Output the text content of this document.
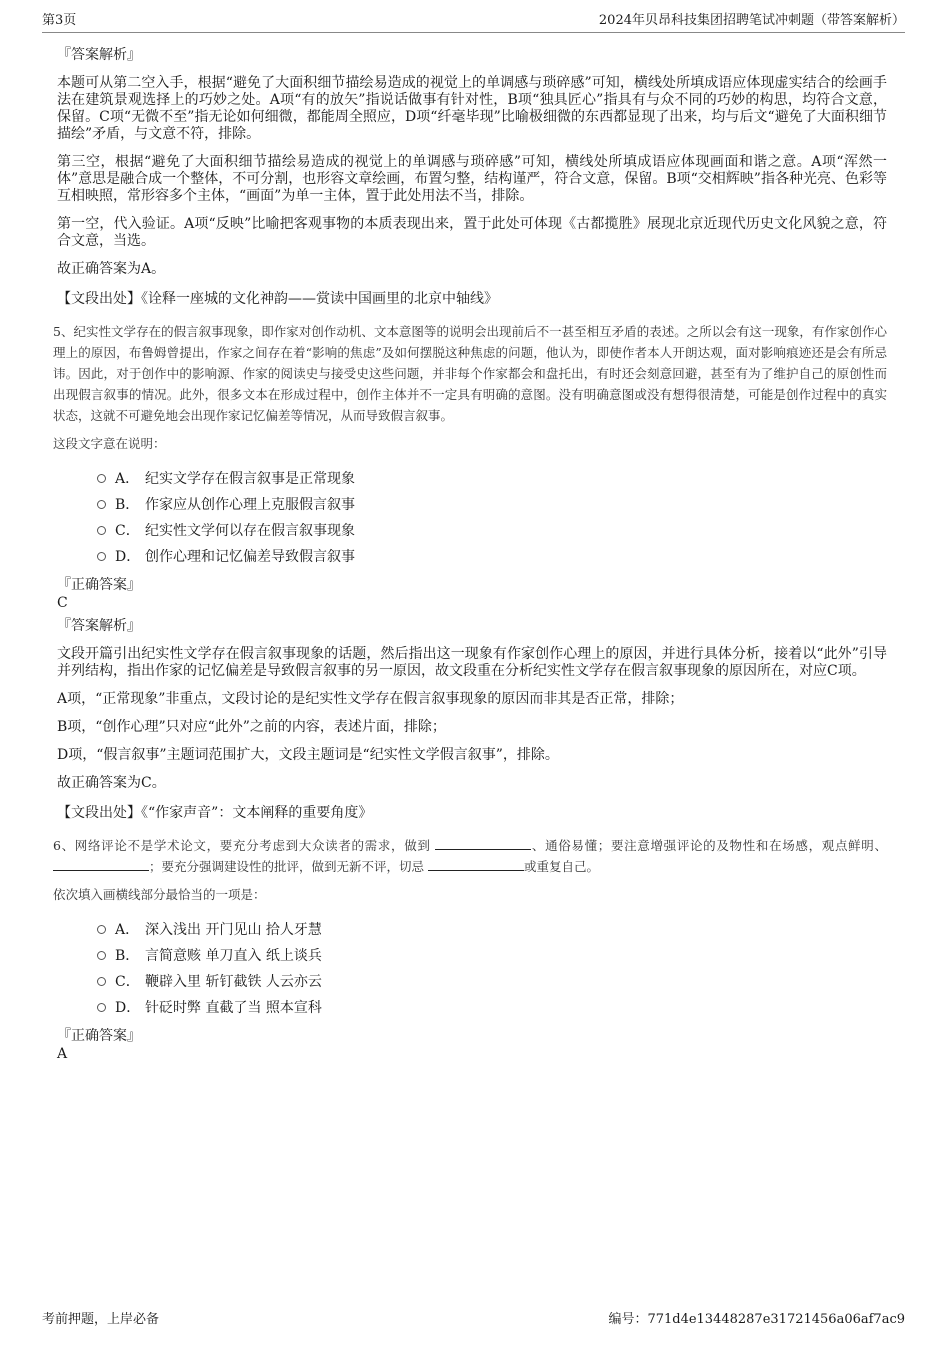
第3页	2024年贝昂科技集团招聘笔试冲刺题（带答案解析）
『答案解析』

本题可从第二空入手，根据“避免了大面积细节描绘易造成的视觉上的单调感与琐碎感”可知，横线处所填成语应体现虚实结合的绘画手法在建筑景观选择上的巧妙之处。A项“有的放矢”指说话做事有针对性，B项“独具匠心”指具有与众不同的巧妙的构思，均符合文意，保留。C项“无微不至”指无论如何细微，都能周全照应，D项“纤毫毕现”比喻极细微的东西都显现了出来，均与后文“避免了大面积细节描绘”矛盾，与文意不符，排除。

第三空，根据“避免了大面积细节描绘易造成的视觉上的单调感与琐碎感”可知，横线处所填成语应体现画面和谐之意。A项“浑然一体”意思是融合成一个整体，不可分割，也形容文章绘画，布置匀整，结构谨严，符合文意，保留。B项“交相辉映”指各种光亮、色彩等互相映照，常形容多个主体，“画面”为单一主体，置于此处用法不当，排除。

第一空，代入验证。A项“反映”比喻把客观事物的本质表现出来，置于此处可体现《古都揽胜》展现北京近现代历史文化风貌之意，符合文意，当选。

故正确答案为A。

【文段出处】《诠释一座城的文化神韵——赏读中国画里的北京中轴线》

5、纪实性文学存在的假言叙事现象，即作家对创作动机、文本意图等的说明会出现前后不一甚至相互矛盾的表述。之所以会有这一现象，有作家创作心理上的原因，布鲁姆曾提出，作家之间存在着“影响的焦虑”及如何摆脱这种焦虑的问题，他认为，即使作者本人开朗达观，面对影响痕迹还是会有所忌讳。因此，对于创作中的影响源、作家的阅读史与接受史这些问题，并非每个作家都会和盘托出，有时还会刻意回避，甚至有为了维护自己的原创性而出现假言叙事的情况。此外，很多文本在形成过程中，创作主体并不一定具有明确的意图。没有明确意图或没有想得很清楚，可能是创作过程中的真实状态，这就不可避免地会出现作家记忆偏差等情况，从而导致假言叙事。

这段文字意在说明：
A． 纪实文学存在假言叙事是正常现象
B． 作家应从创作心理上克服假言叙事
C． 纪实性文学何以存在假言叙事现象
D． 创作心理和记忆偏差导致假言叙事
『正确答案』
C
『答案解析』

文段开篇引出纪实性文学存在假言叙事现象的话题，然后指出这一现象有作家创作心理上的原因，并进行具体分析，接着以“此外”引导并列结构，指出作家的记忆偏差是导致假言叙事的另一原因，故文段重在分析纪实性文学存在假言叙事现象的原因所在，对应C项。

A项，“正常现象”非重点，文段讨论的是纪实性文学存在假言叙事现象的原因而非其是否正常，排除；

B项，“创作心理”只对应“此外”之前的内容，表述片面，排除；

D项，“假言叙事”主题词范围扩大，文段主题词是“纪实性文学假言叙事”，排除。

故正确答案为C。

【文段出处】《“作家声音”：文本阐释的重要角度》

6、网络评论不是学术论文，要充分考虑到大众读者的需求，做到	、通俗易懂；要注意增强评论的及物性和在场感，观点鲜明、 ；要充分强调建设性的批评，做到无新不评，切忌	或重复自己。

依次填入画横线部分最恰当的一项是：
A． 深入浅出 开门见山 拾人牙慧
B． 言简意赅 单刀直入 纸上谈兵
C． 鞭辟入里 斩钉截铁 人云亦云
D． 针砭时弊 直截了当 照本宣科
『正确答案』
A
考前押题，上岸必备	编号：771d4e13448287e31721456a06af7ac9
